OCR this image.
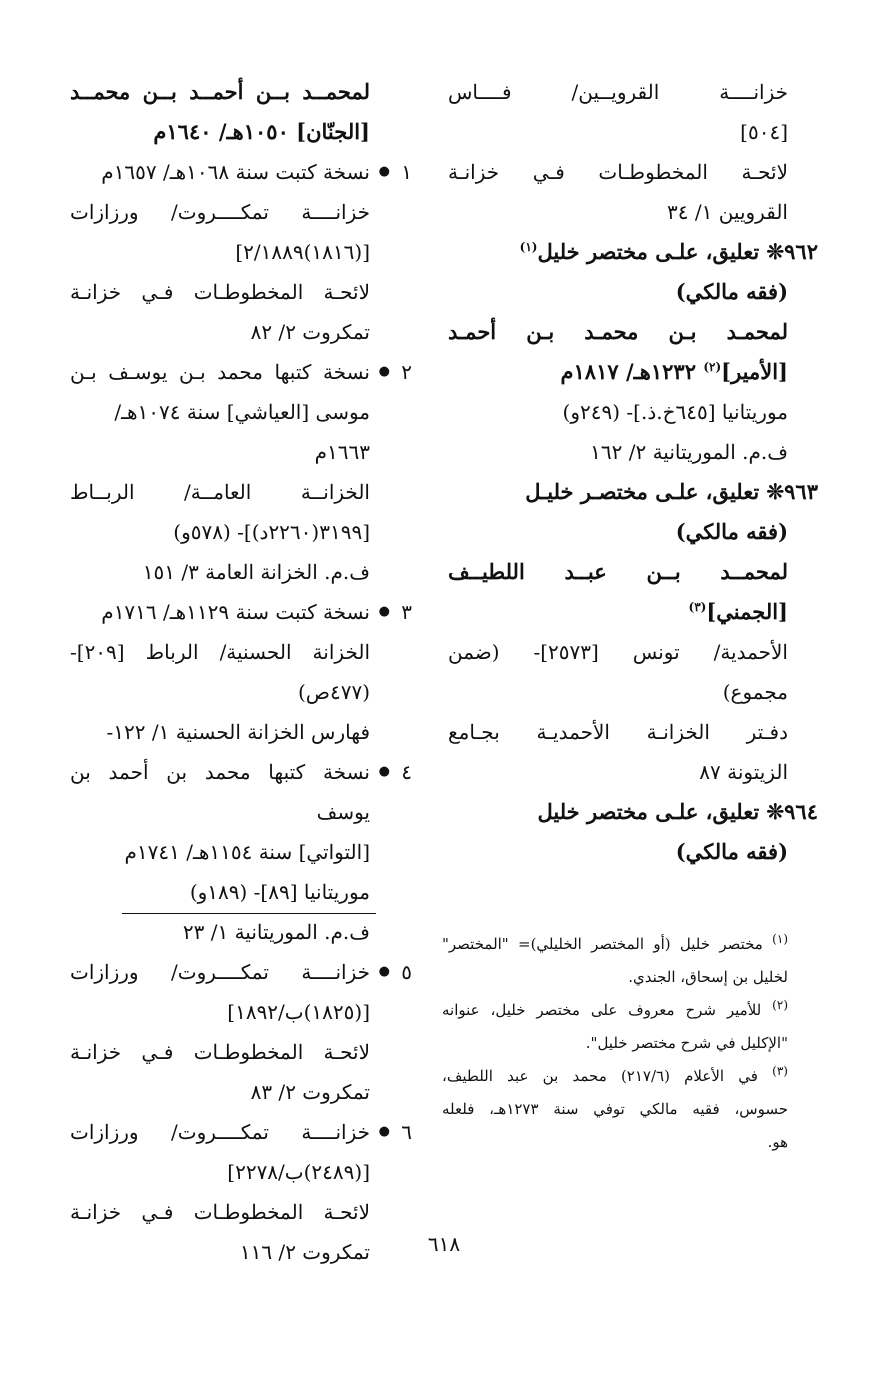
خزانــــة القرويــين/ فــــاس
[٥٠٤]
لائحـة المخطوطـات فـي خزانـة
القرويين ١/ ٣٤
٩٦٢❊ تعليق، علـى مختصر خليل$^{(١)}$
(فقه مالكي)
لمحمـد بـن محمـد بـن أحمـد
[الأمير]$^{(٢)}$ ١٢٣٢هـ/ ١٨١٧م
موريتانيا [٦٤٥خ.ذ.]- (٢٤٩و)
ف.م. الموريتانية ٢/ ١٦٢
٩٦٣❊ تعليق، علـى مختصـر خليـل
(فقه مالكي)
لمحمــد بــن عبــد اللطيــف
[الجمني]$^{(٣)}$
الأحمدية/ تونس [٢٥٧٣]- (ضمن
مجموع)
دفـتر الخزانـة الأحمديـة بجـامع
الزيتونة ٨٧
٩٦٤❊ تعليق، علـى مختصر خليل
(فقه مالكي)
لمحمــد بــن أحمــد بــن محمــد
[الجنّان] ١٠٥٠هـ/ ١٦٤٠م
١
●
نسخة كتبت سنة ١٠٦٨هـ/ ١٦٥٧م
خزانــــة تمكــــروت/ ورزازات
[(١٨١٦)٢/١٨٨٩]
لائحـة المخطوطـات فـي خزانـة
تمكروت ٢/ ٨٢
٢
●
نسخة كتبها محمد بـن يوسـف بـن
موسى [العياشي] سنة ١٠٧٤هـ/
١٦٦٣م
الخزانــة العامــة/ الربــاط
[٣١٩٩(٢٢٦٠د)]- (٥٧٨و)
ف.م. الخزانة العامة ٣/ ١٥١
٣
●
نسخة كتبت سنة ١١٢٩هـ/ ١٧١٦م
الخزانة الحسنية/ الرباط [٢٠٩]-
(٤٧٧ص)
فهارس الخزانة الحسنية ١/ ١٢٢-
٤
●
نسخة كتبها محمد بن أحمد بن يوسف
[التواتي] سنة ١١٥٤هـ/ ١٧٤١م
موريتانيا [٨٩]- (١٨٩و)
ف.م. الموريتانية ١/ ٢٣
٥
●
خزانــــة تمكــــروت/ ورزازات
[(١٨٢٥)ب/١٨٩٢]
لائحـة المخطوطـات فـي خزانـة
تمكروت ٢/ ٨٣
٦
●
خزانــــة تمكــــروت/ ورزازات
[(٢٤٨٩)ب/٢٢٧٨]
لائحـة المخطوطـات فـي خزانـة
تمكروت ٢/ ١١٦
$^{(١)}$ مختصر خليل (أو المختصر الخليلي)= "المختصر"
لخليل بن إسحاق، الجندي.
$^{(٢)}$ للأمير شرح معروف على مختصر خليل، عنوانه
"الإكليل في شرح مختصر خليل".
$^{(٣)}$ في الأعلام (٢١٧/٦) محمد بن عبد اللطيف،
حسوس، فقيه مالكي توفي سنة ١٢٧٣هـ، فلعله
هو.
٦١٨
